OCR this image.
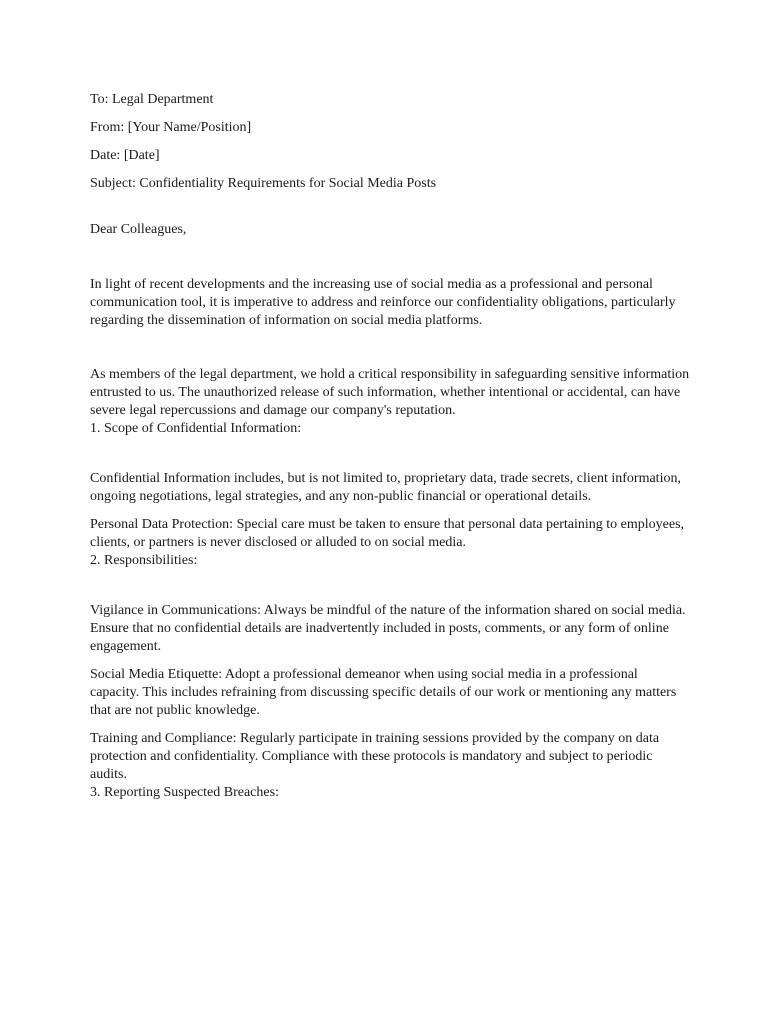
To: Legal Department
From: [Your Name/Position]
Date: [Date]
Subject: Confidentiality Requirements for Social Media Posts
Dear Colleagues,

In light of recent developments and the increasing use of social media as a professional and personal communication tool, it is imperative to address and reinforce our confidentiality obligations, particularly regarding the dissemination of information on social media platforms.

As members of the legal department, we hold a critical responsibility in safeguarding sensitive information entrusted to us. The unauthorized release of such information, whether intentional or accidental, can have severe legal repercussions and damage our company's reputation.

1. Scope of Confidential Information:

Confidential Information includes, but is not limited to, proprietary data, trade secrets, client information, ongoing negotiations, legal strategies, and any non-public financial or operational details.

Personal Data Protection: Special care must be taken to ensure that personal data pertaining to employees, clients, or partners is never disclosed or alluded to on social media.

2. Responsibilities:

Vigilance in Communications: Always be mindful of the nature of the information shared on social media. Ensure that no confidential details are inadvertently included in posts, comments, or any form of online engagement.

Social Media Etiquette: Adopt a professional demeanor when using social media in a professional capacity. This includes refraining from discussing specific details of our work or mentioning any matters that are not public knowledge.

Training and Compliance: Regularly participate in training sessions provided by the company on data protection and confidentiality. Compliance with these protocols is mandatory and subject to periodic audits.

3. Reporting Suspected Breaches:
